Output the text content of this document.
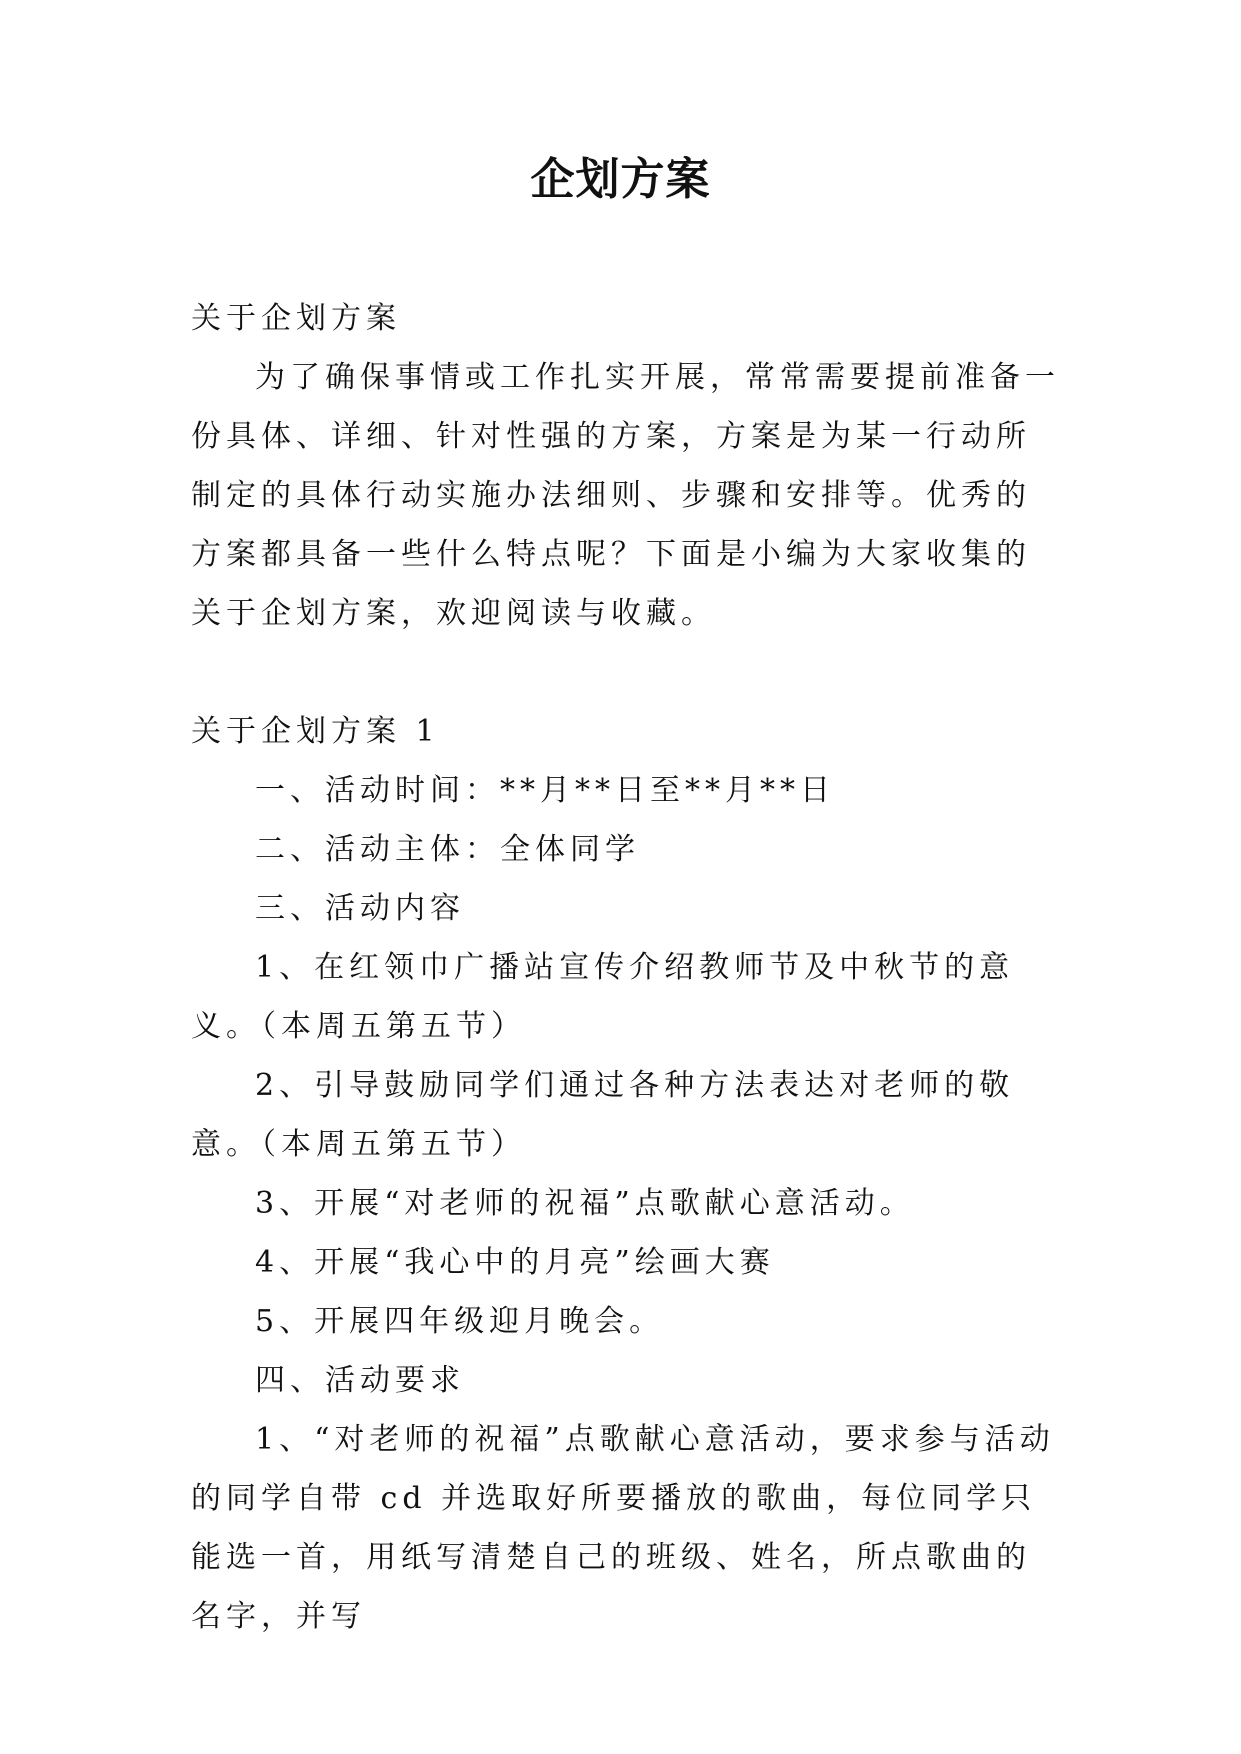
企划方案

关于企划方案

为了确保事情或工作扎实开展，常常需要提前准备一份具体、详细、针对性强的方案，方案是为某一行动所制定的具体行动实施办法细则、步骤和安排等。优秀的方案都具备一些什么特点呢？下面是小编为大家收集的关于企划方案，欢迎阅读与收藏。

关于企划方案 1

一、活动时间：**月**日至**月**日

二、活动主体：全体同学

三、活动内容

1、在红领巾广播站宣传介绍教师节及中秋节的意义。（本周五第五节）

2、引导鼓励同学们通过各种方法表达对老师的敬意。（本周五第五节）

3、开展“对老师的祝福”点歌献心意活动。

4、开展“我心中的月亮”绘画大赛

5、开展四年级迎月晚会。

四、活动要求

1、“对老师的祝福”点歌献心意活动，要求参与活动的同学自带 cd 并选取好所要播放的歌曲，每位同学只能选一首，用纸写清楚自己的班级、姓名，所点歌曲的名字，并写
